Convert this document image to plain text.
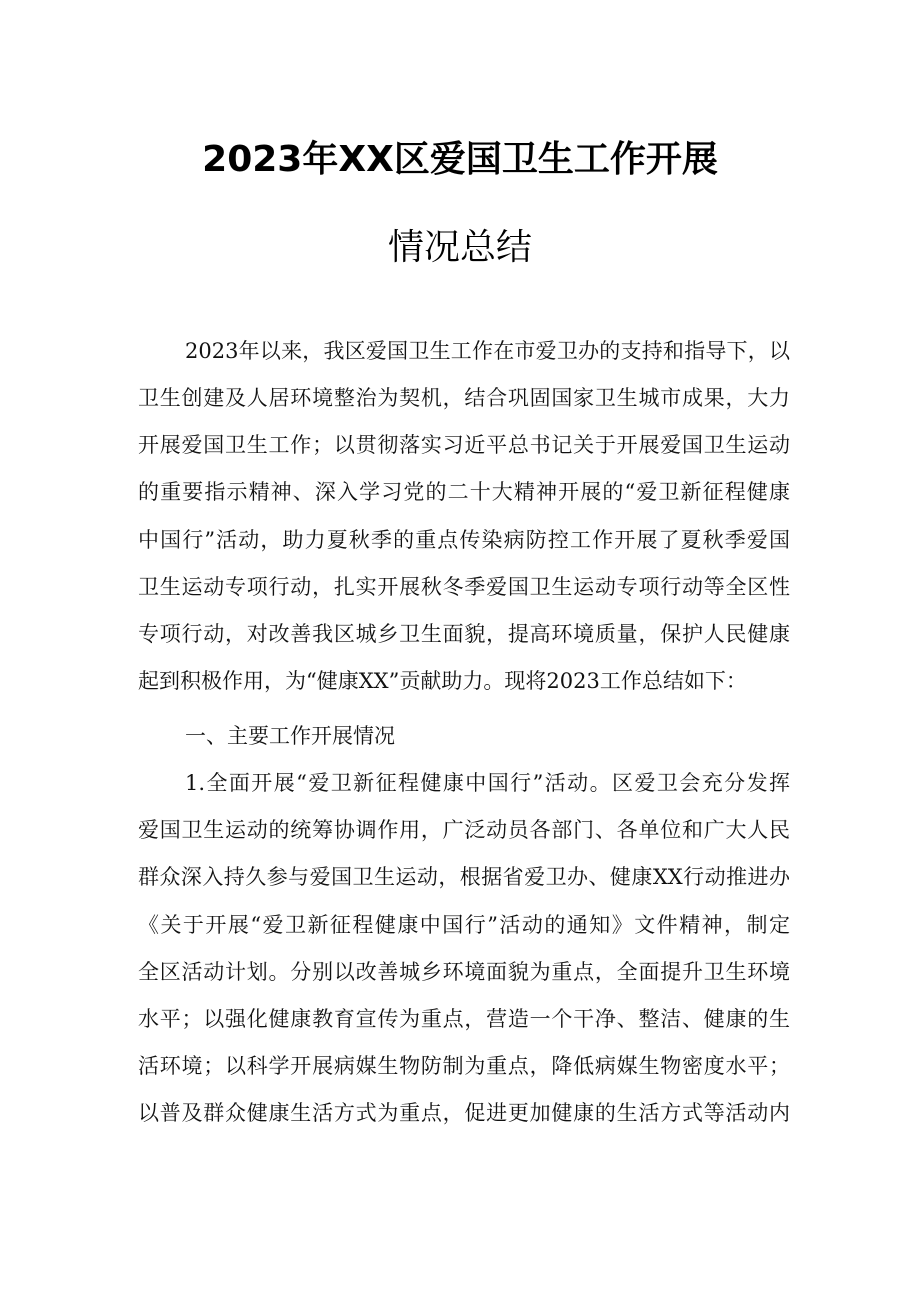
2023年XX区爱国卫生工作开展
情况总结
2023年以来，我区爱国卫生工作在市爱卫办的支持和指导下，以
卫生创建及人居环境整治为契机，结合巩固国家卫生城市成果，大力
开展爱国卫生工作；以贯彻落实习近平总书记关于开展爱国卫生运动
的重要指示精神、深入学习党的二十大精神开展的“爱卫新征程健康
中国行”活动，助力夏秋季的重点传染病防控工作开展了夏秋季爱国
卫生运动专项行动，扎实开展秋冬季爱国卫生运动专项行动等全区性
专项行动，对改善我区城乡卫生面貌，提高环境质量，保护人民健康
起到积极作用，为“健康XX”贡献助力。现将2023工作总结如下：
一、主要工作开展情况
1.全面开展“爱卫新征程健康中国行”活动。区爱卫会充分发挥
爱国卫生运动的统筹协调作用，广泛动员各部门、各单位和广大人民
群众深入持久参与爱国卫生运动，根据省爱卫办、健康XX行动推进办
《关于开展“爱卫新征程健康中国行”活动的通知》文件精神，制定
全区活动计划。分别以改善城乡环境面貌为重点，全面提升卫生环境
水平；以强化健康教育宣传为重点，营造一个干净、整洁、健康的生
活环境；以科学开展病媒生物防制为重点，降低病媒生物密度水平；
以普及群众健康生活方式为重点，促进更加健康的生活方式等活动内
